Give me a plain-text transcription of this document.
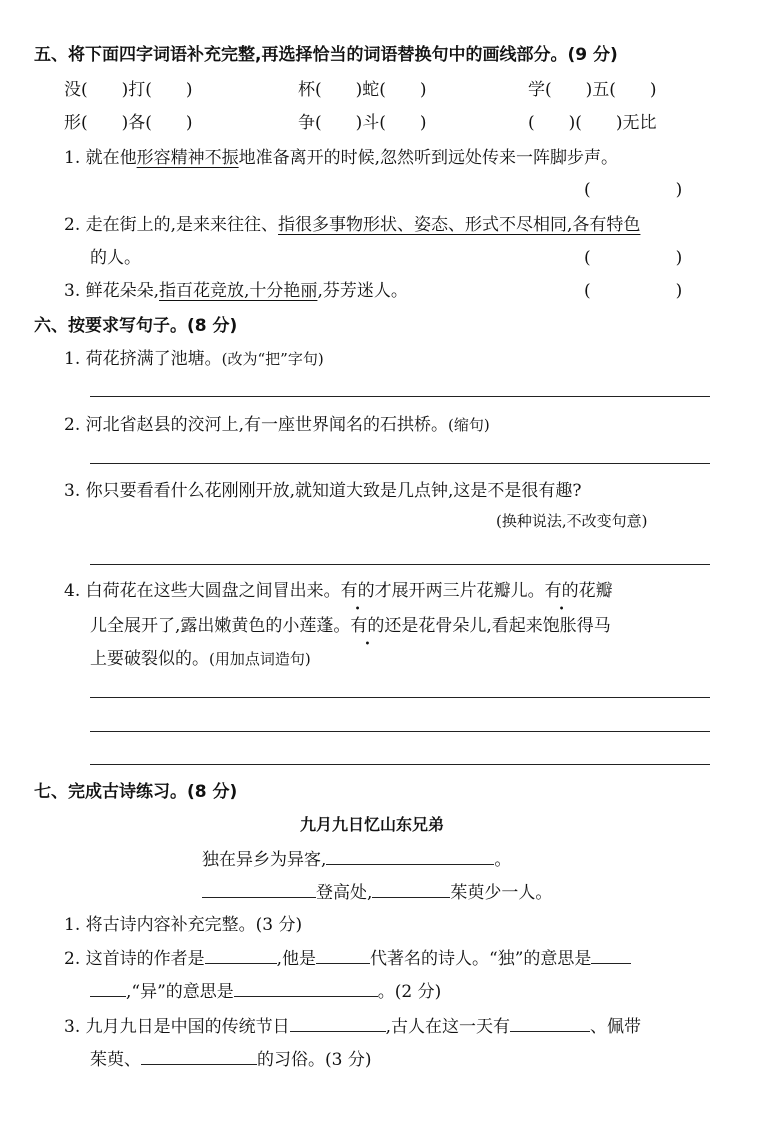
五、将下面四字词语补充完整,再选择恰当的词语替换句中的画线部分。(9 分)
没(　　)打(　　)	杯(　　)蛇(　　)	学(　　)五(　　)
形(　　)各(　　)	争(　　)斗(　　)	(　　)(　　)无比
1. 就在他形容精神不振地准备离开的时候,忽然听到远处传来一阵脚步声。
(　　　　　)
2. 走在街上的,是来来往往、指很多事物形状、姿态、形式不尽相同,各有特色
的人。	(　　　　　)
3. 鲜花朵朵,指百花竞放,十分艳丽,芬芳迷人。	(　　　　　)
六、按要求写句子。(8 分)
1. 荷花挤满了池塘。(改为“把”字句)
2. 河北省赵县的洨河上,有一座世界闻名的石拱桥。(缩句)
3. 你只要看看什么花刚刚开放,就知道大致是几点钟,这是不是很有趣?
(换种说法,不改变句意)
4. 白荷花在这些大圆盘之间冒出来。有的才展开两三片花瓣儿。有的花瓣
儿全展开了,露出嫩黄色的小莲蓬。有的还是花骨朵儿,看起来饱胀得马
上要破裂似的。(用加点词造句)
七、完成古诗练习。(8 分)
九月九日忆山东兄弟
独在异乡为异客,	。
登高处,	茱萸少一人。
1. 将古诗内容补充完整。(3 分)
2. 这首诗的作者是	,他是	代著名的诗人。“独”的意思是
,“异”的意思是	。(2 分)
3. 九月九日是中国的传统节日	,古人在这一天有	、佩带
茱萸、	的习俗。(3 分)
